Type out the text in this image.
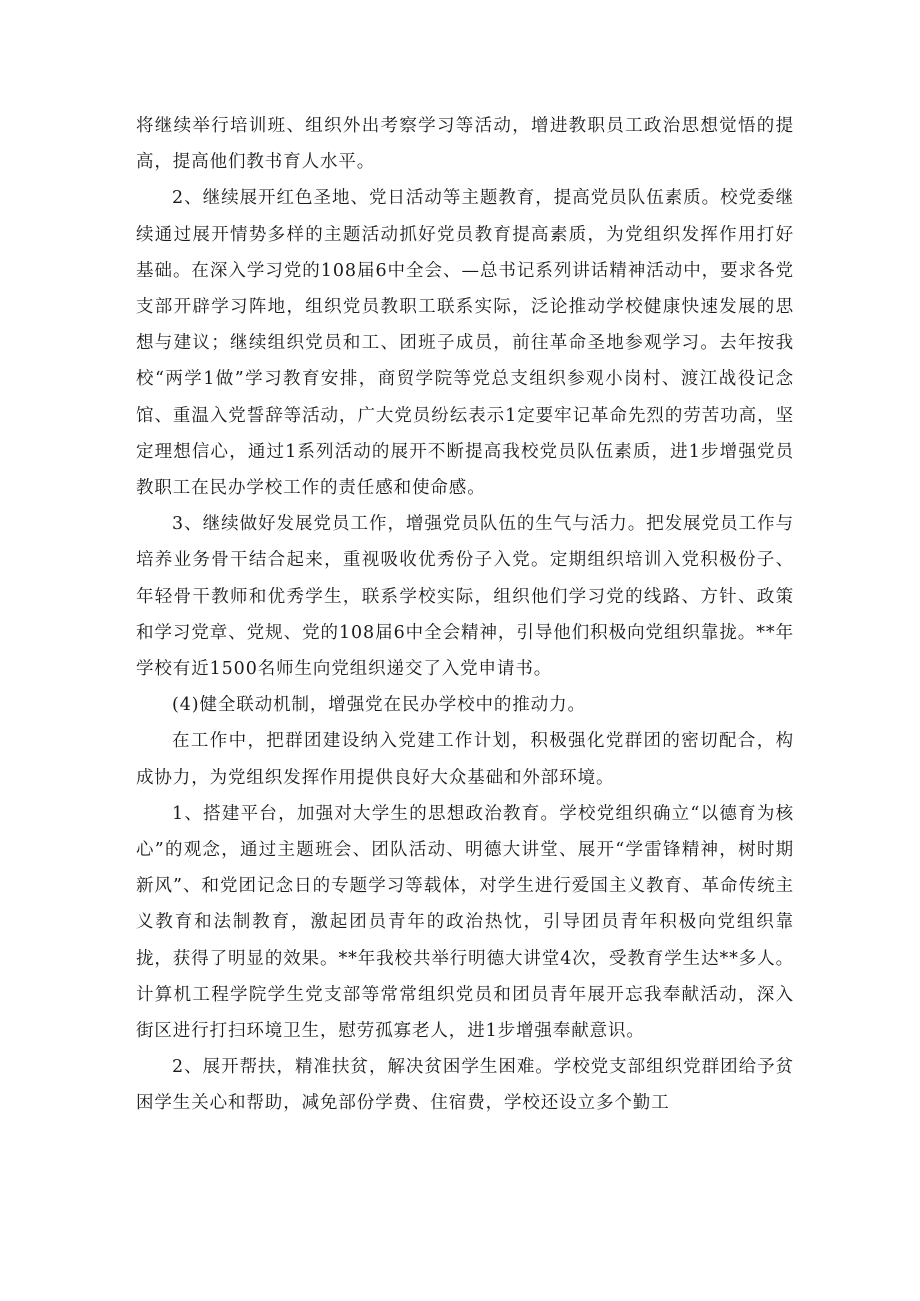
将继续举行培训班、组织外出考察学习等活动，增进教职员工政治思想觉悟的提高，提高他们教书育人水平。

2、继续展开红色圣地、党日活动等主题教育，提高党员队伍素质。校党委继续通过展开情势多样的主题活动抓好党员教育提高素质，为党组织发挥作用打好基础。在深入学习党的108届6中全会、—总书记系列讲话精神活动中，要求各党支部开辟学习阵地，组织党员教职工联系实际，泛论推动学校健康快速发展的思想与建议；继续组织党员和工、团班子成员，前往革命圣地参观学习。去年按我校“两学1做”学习教育安排，商贸学院等党总支组织参观小岗村、渡江战役记念馆、重温入党誓辞等活动，广大党员纷纭表示1定要牢记革命先烈的劳苦功高，坚定理想信心，通过1系列活动的展开不断提高我校党员队伍素质，进1步增强党员教职工在民办学校工作的责任感和使命感。

3、继续做好发展党员工作，增强党员队伍的生气与活力。把发展党员工作与培养业务骨干结合起来，重视吸收优秀份子入党。定期组织培训入党积极份子、年轻骨干教师和优秀学生，联系学校实际，组织他们学习党的线路、方针、政策和学习党章、党规、党的108届6中全会精神，引导他们积极向党组织靠拢。**年学校有近1500名师生向党组织递交了入党申请书。

(4)健全联动机制，增强党在民办学校中的推动力。

在工作中，把群团建设纳入党建工作计划，积极强化党群团的密切配合，构成协力，为党组织发挥作用提供良好大众基础和外部环境。

1、搭建平台，加强对大学生的思想政治教育。学校党组织确立“以德育为核心”的观念，通过主题班会、团队活动、明德大讲堂、展开“学雷锋精神，树时期新风”、和党团记念日的专题学习等载体，对学生进行爱国主义教育、革命传统主义教育和法制教育，激起团员青年的政治热忱，引导团员青年积极向党组织靠拢，获得了明显的效果。**年我校共举行明德大讲堂4次，受教育学生达**多人。计算机工程学院学生党支部等常常组织党员和团员青年展开忘我奉献活动，深入街区进行打扫环境卫生，慰劳孤寡老人，进1步增强奉献意识。

2、展开帮扶，精准扶贫，解决贫困学生困难。学校党支部组织党群团给予贫困学生关心和帮助，减免部份学费、住宿费，学校还设立多个勤工
